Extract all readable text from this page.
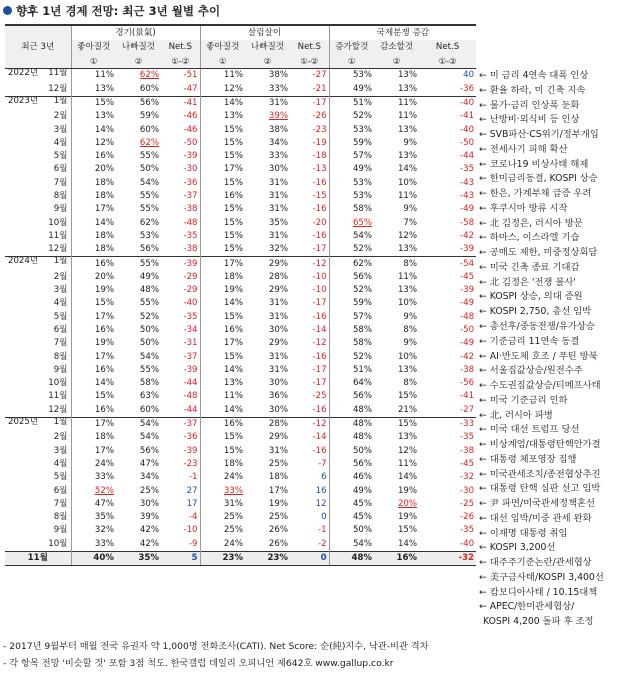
향후 1년 경제 전망: 최근 3년 월별 추이
최근 3년	경기(景氣)			살림살이			국제분쟁 증감		
	좋아질것	나빠질것	Net.S	좋아질것	나빠질것	Net.S	증가할것	감소할것	Net.S
	①	②	①-②	①	②	①-②	①	②	①-②

2022년 11월	11%	62%	-51	11%	38%	-27	53%	13%	40
12월	13%	60%	-47	12%	33%	-21	49%	13%	-36

2023년 1월	15%	56%	-41	14%	31%	-17	51%	11%	-40
2월	13%	59%	-46	13%	39%	-26	52%	11%	-41
3월	14%	60%	-46	15%	38%	-23	53%	13%	-40
4월	12%	62%	-50	15%	34%	-19	59%	9%	-50
5월	16%	55%	-39	15%	33%	-18	57%	13%	-44
6월	20%	50%	-30	17%	30%	-13	49%	14%	-35
7월	18%	54%	-36	15%	31%	-16	53%	10%	-43
8월	18%	55%	-37	16%	31%	-15	53%	11%	-43
9월	17%	55%	-38	15%	31%	-16	58%	9%	-49
10월	14%	62%	-48	15%	35%	-20	65%	7%	-58
11월	18%	53%	-35	15%	31%	-16	54%	12%	-42
12월	18%	56%	-38	15%	32%	-17	52%	13%	-39

2024년 1월	16%	55%	-39	17%	29%	-12	62%	8%	-54
2월	20%	49%	-29	18%	28%	-10	56%	11%	-45
3월	19%	48%	-29	19%	29%	-10	52%	13%	-39
4월	15%	55%	-40	14%	31%	-17	59%	10%	-49
5월	17%	52%	-35	15%	31%	-16	57%	9%	-48
6월	16%	50%	-34	16%	30%	-14	58%	8%	-50
7월	19%	50%	-31	17%	29%	-12	58%	9%	-49
8월	17%	54%	-37	15%	31%	-16	52%	10%	-42
9월	16%	55%	-39	14%	31%	-17	51%	13%	-38
10월	14%	58%	-44	13%	30%	-17	64%	8%	-56
11월	15%	63%	-48	11%	36%	-25	56%	15%	-41
12월	16%	60%	-44	14%	30%	-16	48%	21%	-27

2025년 1월	17%	54%	-37	16%	28%	-12	48%	15%	-33
2월	18%	54%	-36	15%	29%	-14	48%	13%	-35
3월	17%	56%	-39	15%	31%	-16	50%	12%	-38
4월	24%	47%	-23	18%	25%	-7	56%	11%	-45
5월	33%	34%	-1	24%	18%	6	46%	14%	-32
6월	52%	25%	27	33%	17%	16	49%	19%	-30
7월	47%	30%	17	31%	19%	12	45%	20%	-25
8월	35%	39%	-4	25%	25%	0	45%	19%	-26
9월	32%	42%	-10	25%	26%	-1	50%	15%	-35
10월	33%	42%	-9	24%	26%	-2	54%	14%	-40
11월	40%	35%	5	23%	23%	0	48%	16%	-32
← 미 금리 4연속 대폭 인상
← 환율 하락, 미 긴축 지속
← 물가·금리 인상폭 둔화
← 난방비·외식비 등 인상
← SVB파산·CS위기/정부개입
← 전세사기 피해 확산
← 코로나19 비상사태 해제
← 한미금리동결, KOSPI 상승
← 한은, 가계부채 급증 우려
← 후쿠시마 방류 시작
← 北 김정은, 러시아 방문
← 하마스, 이스라엘 기습
← 공매도 제한, 미중정상회담
← 미국 긴축 종료 기대감
← 北 김정은 '전쟁 불사'
← KOSPI 상승, 의대 증원
← KOSPI 2,750, 총선 임박
← 총선후/중동전쟁/유가상승
← 기준금리 11연속 동결
← AI·반도체 호조 / 푸틴 방북
← 서울집값상승/원전수주
← 수도권집값상승/티메프사태
← 미국 기준금리 인하
← 北, 러시아 파병
← 미국 대선 트럼프 당선
← 비상계엄/대통령탄핵안가결
← 대통령 체포영장 집행
← 미국관세조치/종전협상추진
← 대통령 탄핵 심판 선고 임박
← 尹 파면/미국관세정책혼선
← 대선 임박/미중 관세 완화
← 이재명 대통령 취임
← KOSPI 3,200선
← 대주주기준논란/관세협상
← 美구금사태/KOSPI 3,400선
← 캄보디아사태 / 10.15대책
← APEC/한미관세협상/
KOSPI 4,200 돌파 후 조정
- 2017년 9월부터 매월 전국 유권자 약 1,000명 전화조사(CATI). Net Score: 순(純)지수, 낙관-비관 격차
- 각 항목 전망 '비슷할 것' 포함 3점 척도. 한국갤럽 데일리 오피니언 제642호 www.gallup.co.kr
